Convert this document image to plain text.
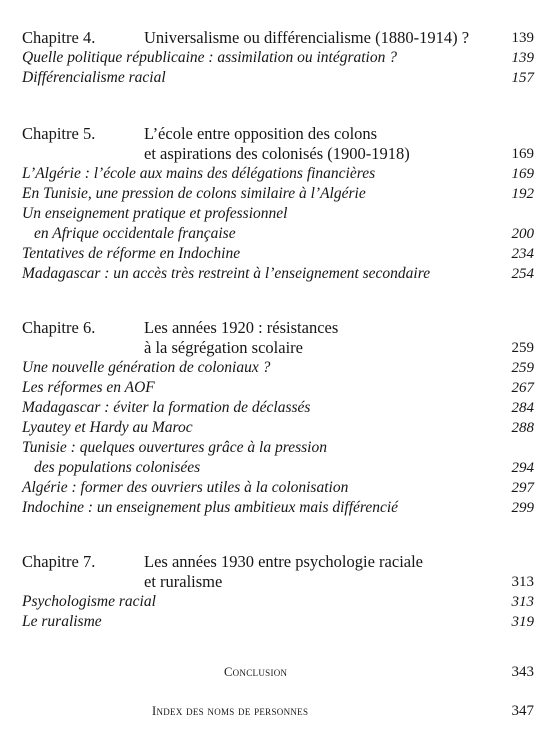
Chapitre 4.	Universalisme ou différencialisme (1880-1914) ?	139
Quelle politique républicaine : assimilation ou intégration ?	139
Différencialisme racial	157
Chapitre 5.	L’école entre opposition des colons
et aspirations des colonisés (1900-1918)	169
L’Algérie : l’école aux mains des délégations financières	169
En Tunisie, une pression de colons similaire à l’Algérie	192
Un enseignement pratique et professionnel
en Afrique occidentale française	200
Tentatives de réforme en Indochine	234
Madagascar : un accès très restreint à l’enseignement secondaire	254
Chapitre 6.	Les années 1920 : résistances
à la ségrégation scolaire	259
Une nouvelle génération de coloniaux ?	259
Les réformes en AOF	267
Madagascar : éviter la formation de déclassés	284
Lyautey et Hardy au Maroc	288
Tunisie : quelques ouvertures grâce à la pression
des populations colonisées	294
Algérie : former des ouvriers utiles à la colonisation	297
Indochine : un enseignement plus ambitieux mais différencié	299
Chapitre 7.	Les années 1930 entre psychologie raciale
et ruralisme	313
Psychologisme racial	313
Le ruralisme	319
Conclusion	343
Index des noms de personnes	347
